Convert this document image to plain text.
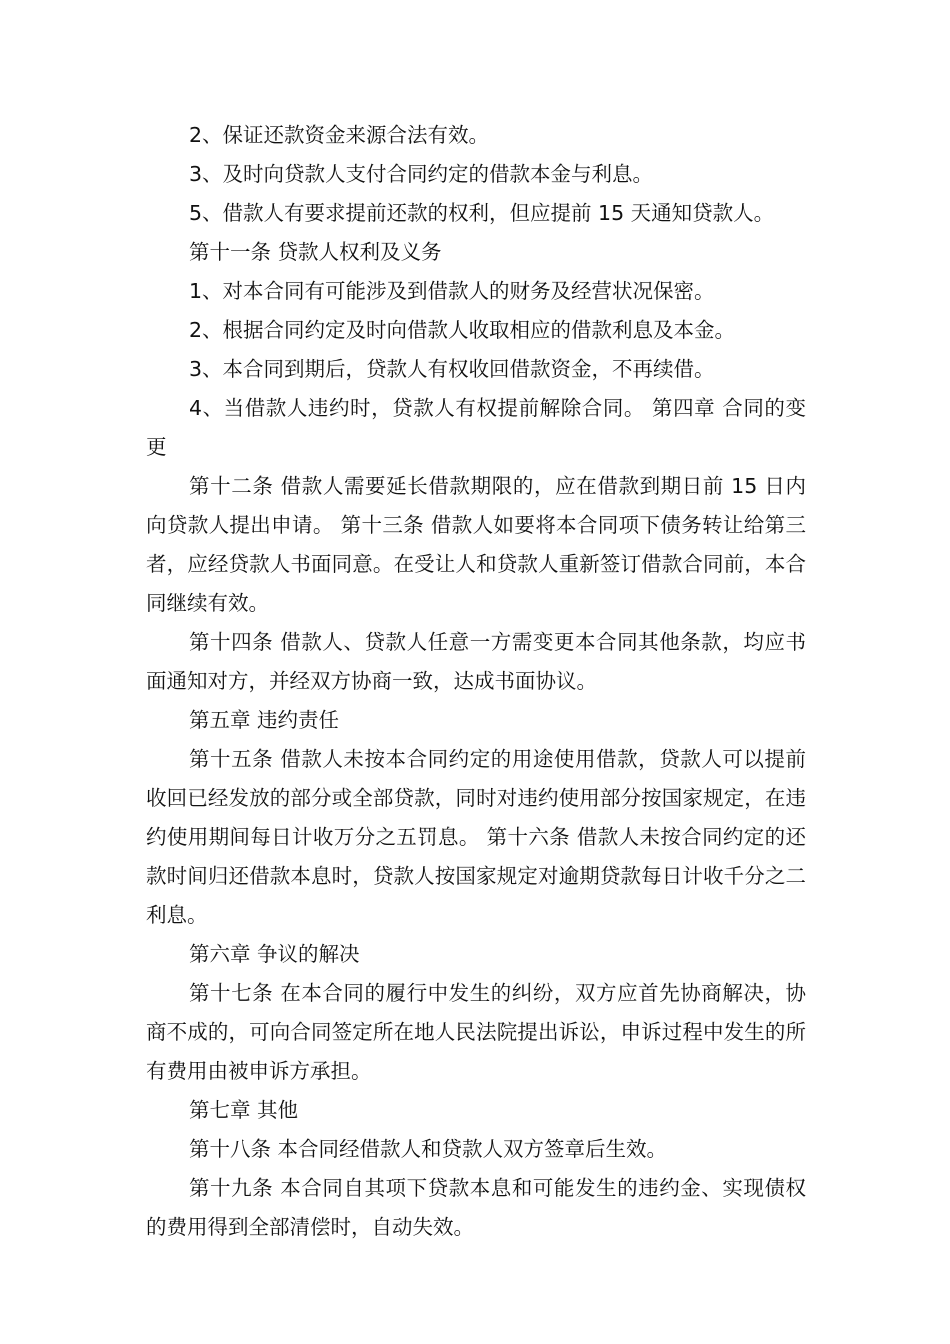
2、保证还款资金来源合法有效。

3、及时向贷款人支付合同约定的借款本金与利息。

5、借款人有要求提前还款的权利，但应提前 15 天通知贷款人。

第十一条 贷款人权利及义务

1、对本合同有可能涉及到借款人的财务及经营状况保密。

2、根据合同约定及时向借款人收取相应的借款利息及本金。

3、本合同到期后，贷款人有权收回借款资金，不再续借。

4、当借款人违约时，贷款人有权提前解除合同。 第四章 合同的变更

第十二条 借款人需要延长借款期限的，应在借款到期日前 15 日内向贷款人提出申请。 第十三条 借款人如要将本合同项下债务转让给第三者，应经贷款人书面同意。在受让人和贷款人重新签订借款合同前，本合同继续有效。

第十四条 借款人、贷款人任意一方需变更本合同其他条款，均应书面通知对方，并经双方协商一致，达成书面协议。

第五章 违约责任

第十五条 借款人未按本合同约定的用途使用借款，贷款人可以提前收回已经发放的部分或全部贷款，同时对违约使用部分按国家规定，在违约使用期间每日计收万分之五罚息。 第十六条 借款人未按合同约定的还款时间归还借款本息时，贷款人按国家规定对逾期贷款每日计收千分之二利息。

第六章 争议的解决

第十七条 在本合同的履行中发生的纠纷，双方应首先协商解决，协商不成的，可向合同签定所在地人民法院提出诉讼，申诉过程中发生的所有费用由被申诉方承担。

第七章 其他

第十八条 本合同经借款人和贷款人双方签章后生效。

第十九条 本合同自其项下贷款本息和可能发生的违约金、实现债权的费用得到全部清偿时，自动失效。
